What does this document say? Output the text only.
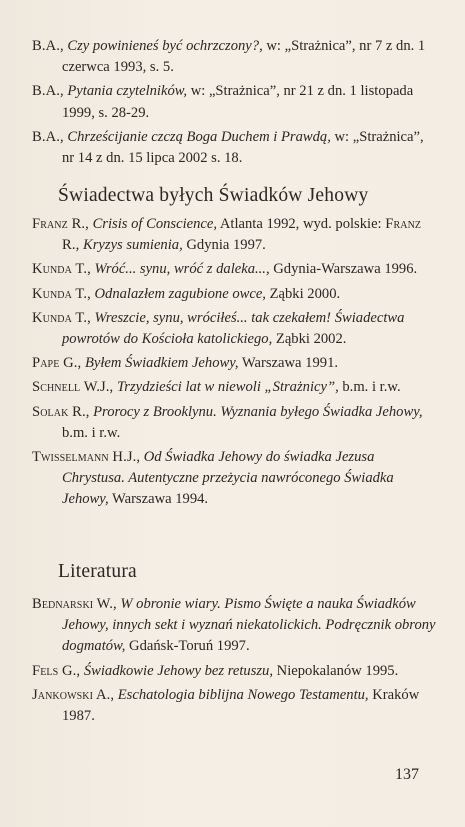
B.A., Czy powinieneś być ochrzczony?, w: „Strażnica”, nr 7 z dn. 1 czerwca 1993, s. 5.
B.A., Pytania czytelników, w: „Strażnica”, nr 21 z dn. 1 listopada 1999, s. 28-29.
B.A., Chrześcijanie czczą Boga Duchem i Prawdą, w: „Strażnica”, nr 14 z dn. 15 lipca 2002 s. 18.
Świadectwa byłych Świadków Jehowy
Franz R., Crisis of Conscience, Atlanta 1992, wyd. polskie: Franz R., Kryzys sumienia, Gdynia 1997.
Kunda T., Wróć... synu, wróć z daleka..., Gdynia-Warszawa 1996.
Kunda T., Odnalazłem zagubione owce, Ząbki 2000.
Kunda T., Wreszcie, synu, wróciłeś... tak czekałem! Świadectwa powrotów do Kościoła katolickiego, Ząbki 2002.
Pape G., Byłem Świadkiem Jehowy, Warszawa 1991.
Schnell W.J., Trzydzieści lat w niewoli „Strażnicy”, b.m. i r.w.
Solak R., Prorocy z Brooklynu. Wyznania byłego Świadka Jehowy, b.m. i r.w.
Twisselmann H.J., Od Świadka Jehowy do świadka Jezusa Chrystusa. Autentyczne przeżycia nawróconego Świadka Jehowy, Warszawa 1994.
Literatura
Bednarski W., W obronie wiary. Pismo Święte a nauka Świadków Jehowy, innych sekt i wyznań niekatolickich. Podręcznik obrony dogmatów, Gdańsk-Toruń 1997.
Fels G., Świadkowie Jehowy bez retuszu, Niepokalanów 1995.
Jankowski A., Eschatologia biblijna Nowego Testamentu, Kraków 1987.
137
